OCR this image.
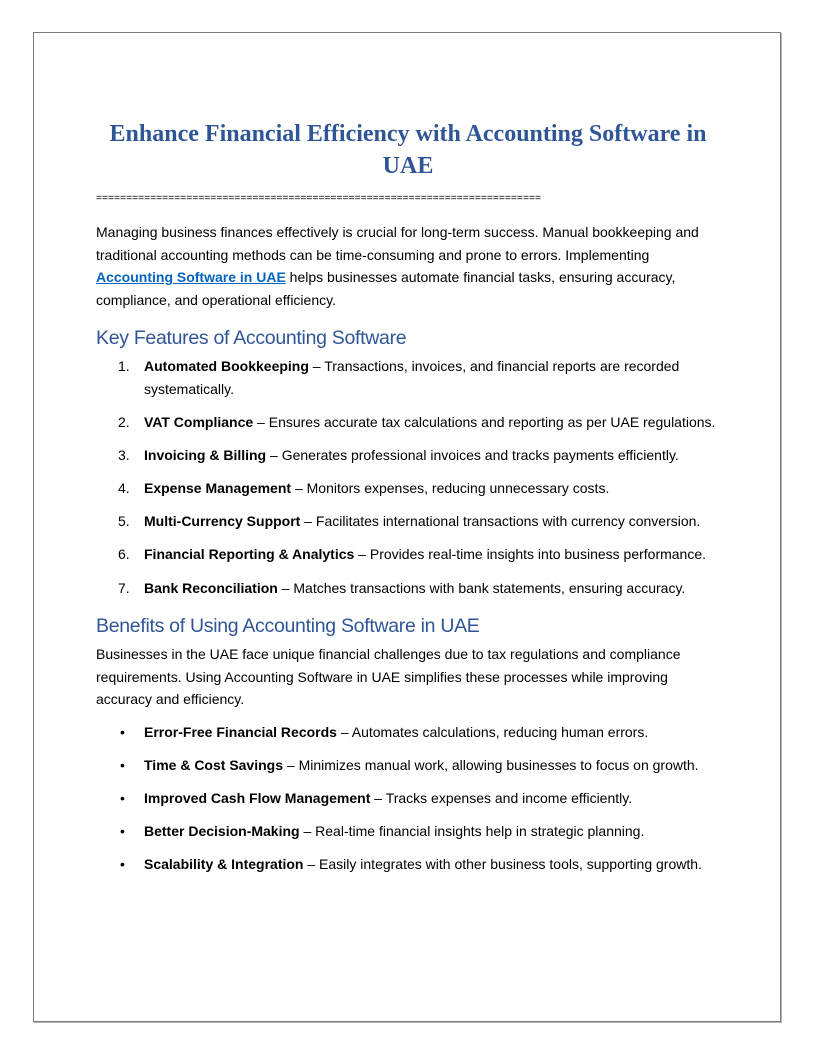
Enhance Financial Efficiency with Accounting Software in UAE
==========================================================================

Managing business finances effectively is crucial for long-term success. Manual bookkeeping and traditional accounting methods can be time-consuming and prone to errors. Implementing Accounting Software in UAE helps businesses automate financial tasks, ensuring accuracy, compliance, and operational efficiency.

Key Features of Accounting Software
1. Automated Bookkeeping – Transactions, invoices, and financial reports are recorded systematically.
2. VAT Compliance – Ensures accurate tax calculations and reporting as per UAE regulations.
3. Invoicing & Billing – Generates professional invoices and tracks payments efficiently.
4. Expense Management – Monitors expenses, reducing unnecessary costs.
5. Multi-Currency Support – Facilitates international transactions with currency conversion.
6. Financial Reporting & Analytics – Provides real-time insights into business performance.
7. Bank Reconciliation – Matches transactions with bank statements, ensuring accuracy.
Benefits of Using Accounting Software in UAE

Businesses in the UAE face unique financial challenges due to tax regulations and compliance requirements. Using Accounting Software in UAE simplifies these processes while improving accuracy and efficiency.

• Error-Free Financial Records – Automates calculations, reducing human errors.
• Time & Cost Savings – Minimizes manual work, allowing businesses to focus on growth.
• Improved Cash Flow Management – Tracks expenses and income efficiently.
• Better Decision-Making – Real-time financial insights help in strategic planning.
• Scalability & Integration – Easily integrates with other business tools, supporting growth.
